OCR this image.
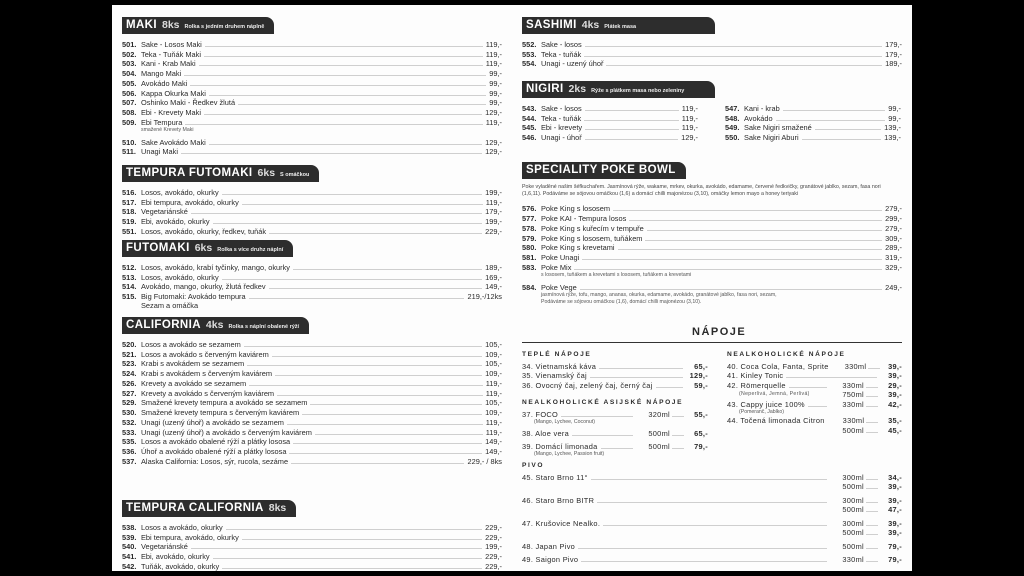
NÁPOJE
MAKI 8ks Rolka s jedním druhem náplně
501. Sake - Losos Maki	119,-
502. Teka - Tuňák Maki	119,-
503. Kani - Krab Maki	119,-
504. Mango Maki	99,-
505. Avokádo Maki	99,-
506. Kappa Okurka Maki	99,-
507. Oshinko Maki - Ředkev žlutá	99,-
508. Ebi - Krevety Maki	129,-
509. Ebi Tempura	119,-
smažené Krevety Maki
510. Sake Avokádo Maki	129,-
511. Unagi Maki	129,-
TEMPURA FUTOMAKI 6ks S omáčkou
516. Losos, avokádo, okurky	199,-
517. Ebi tempura, avokádo, okurky	119,-
518. Vegetariánské	179,-
519. Ebi, avokádo, okurky	199,-
551. Losos, avokádo, okurky, ředkev, tuňák	229,-
FUTOMAKI 6ks Rolka s více druhz náplní
512. Losos, avokádo, krabí tyčinky, mango, okurky	189,-
513. Losos, avokádo, okurky	169,-
514. Avokádo, mango, okurky, žlutá ředkev	149,-
515. Big Futomaki: Avokádo tempura	219,-/12ks
Sezam a omáčka
CALIFORNIA 4ks Rolka s náplní obalené rýží
520. Losos a avokádo se sezamem	105,-
521. Losos a avokádo s červeným kaviárem	109,-
523. Krabi s avokádem se sezamem	105,-
524. Krabi s avokádem s červeným kaviárem	109,-
526. Krevety a avokádo se sezamem	119,-
527. Krevety a avokádo s červeným kaviárem	119,-
529. Smažené krevety tempura a avokádo se sezamem	105,-
530. Smažené krevety tempura s červeným kaviárem	109,-
532. Unagi (uzený úhoř) a avokádo se sezamem	119,-
533. Unagi (uzený úhoř) a avokádo s červeným kaviárem	119,-
535. Losos a avokádo obalené rýží a plátky lososa	149,-
536. Úhoř a avokádo obalené rýží a plátky lososa	149,-
537. Alaska California: Losos, sýr, rucola, sezáme	229,- / 8ks
TEMPURA CALIFORNIA 8ks
538. Losos a avokádo, okurky	229,-
539. Ebi tempura, avokádo, okurky	229,-
540. Vegetariánské	199,-
541. Ebi, avokádo, okurky	229,-
542. Tuňák, avokádo, okurky	229,-
SASHIMI 4ks Plátek masa
552. Sake - losos	179,-
553. Teka - tuňák	179,-
554. Unagi - uzený úhoř	189,-
NIGIRI 2ks Rýže s plátkem masa nebo zeleniny
543. Sake - losos	119,-
544. Teka - tuňák	119,-
545. Ebi - krevety	119,-
546. Unagi - úhoř	129,-
547. Kani - krab	99,-
548. Avokádo	99,-
549. Sake Nigiri smažené	139,-
550. Sake Nigiri Aburi	139,-
SPECIALITY POKE BOWL
Poke vyladěné našim šéfkuchařem. Jasmínová rýže, wakame, mrkev, okurka, avokádo, edamame, červené ředkvičky, granátové jablko, sezam, fasa nori (1,6,11). Podáváme se sójovou omáčkou (1,6) a domácí chilli majonézou (3,10), omáčky lemon mayo a honey teriyaki
576. Poke King s lososem	279,-
577. Poke KAI - Tempura losos	299,-
578. Poke King s kuřecím v tempuře	279,-
579. Poke King s lososem, tuňákem	309,-
580. Poke King s krevetami	289,-
581. Poke Unagi	319,-
583. Poke Mix	329,-
s lososem, tuňákem a krevetami s lososem, tuňákem a krevetami
584. Poke Vege	249,-
jasmínová rýže, tofu, mango, ananas, okurka, edamame, avokádo, granátové jablko, řasa nori, sezam,
Podáváme se sójovou omáčkou (1,6), domácí chilli majonézou (3,10).
TEPLÉ NÁPOJE
34. Vietnamská káva	65,-
35. Vienamský čaj	129,-
36. Ovocný čaj, zelený čaj, černý čaj	59,-
NEALKOHOLICKÉ ASIJSKÉ NÁPOJE
37. FOCO	320ml	55,-
(Mango, Lychee, Coconut)
38. Aloe vera	500ml	65,-
39. Domácí limonada	500ml	79,-
(Mango, Lychee, Passion fruit)
NEALKOHOLICKÉ NÁPOJE
40. Coca Cola, Fanta, Sprite	330ml	39,-
41. Kinley Tonic	39,-
42. Römerquelle	330ml	29,-
(Neperlivá, Jemná, Perlivá)	750ml	39,-
43. Cappy juice 100%	330ml	42,-
(Pomeranč, Jablko)
44. Točená limonada Citron	330ml	35,-
500ml	45,-
PIVO
45. Staro Brno 11°	300ml	34,-
500ml	39,-
46. Staro Brno BITR	300ml	39,-
500ml	47,-
47. Krušovice Nealko.	300ml	39,-
500ml	39,-
48. Japan Pivo	500ml	79,-
49. Saigon Pivo	330ml	79,-
